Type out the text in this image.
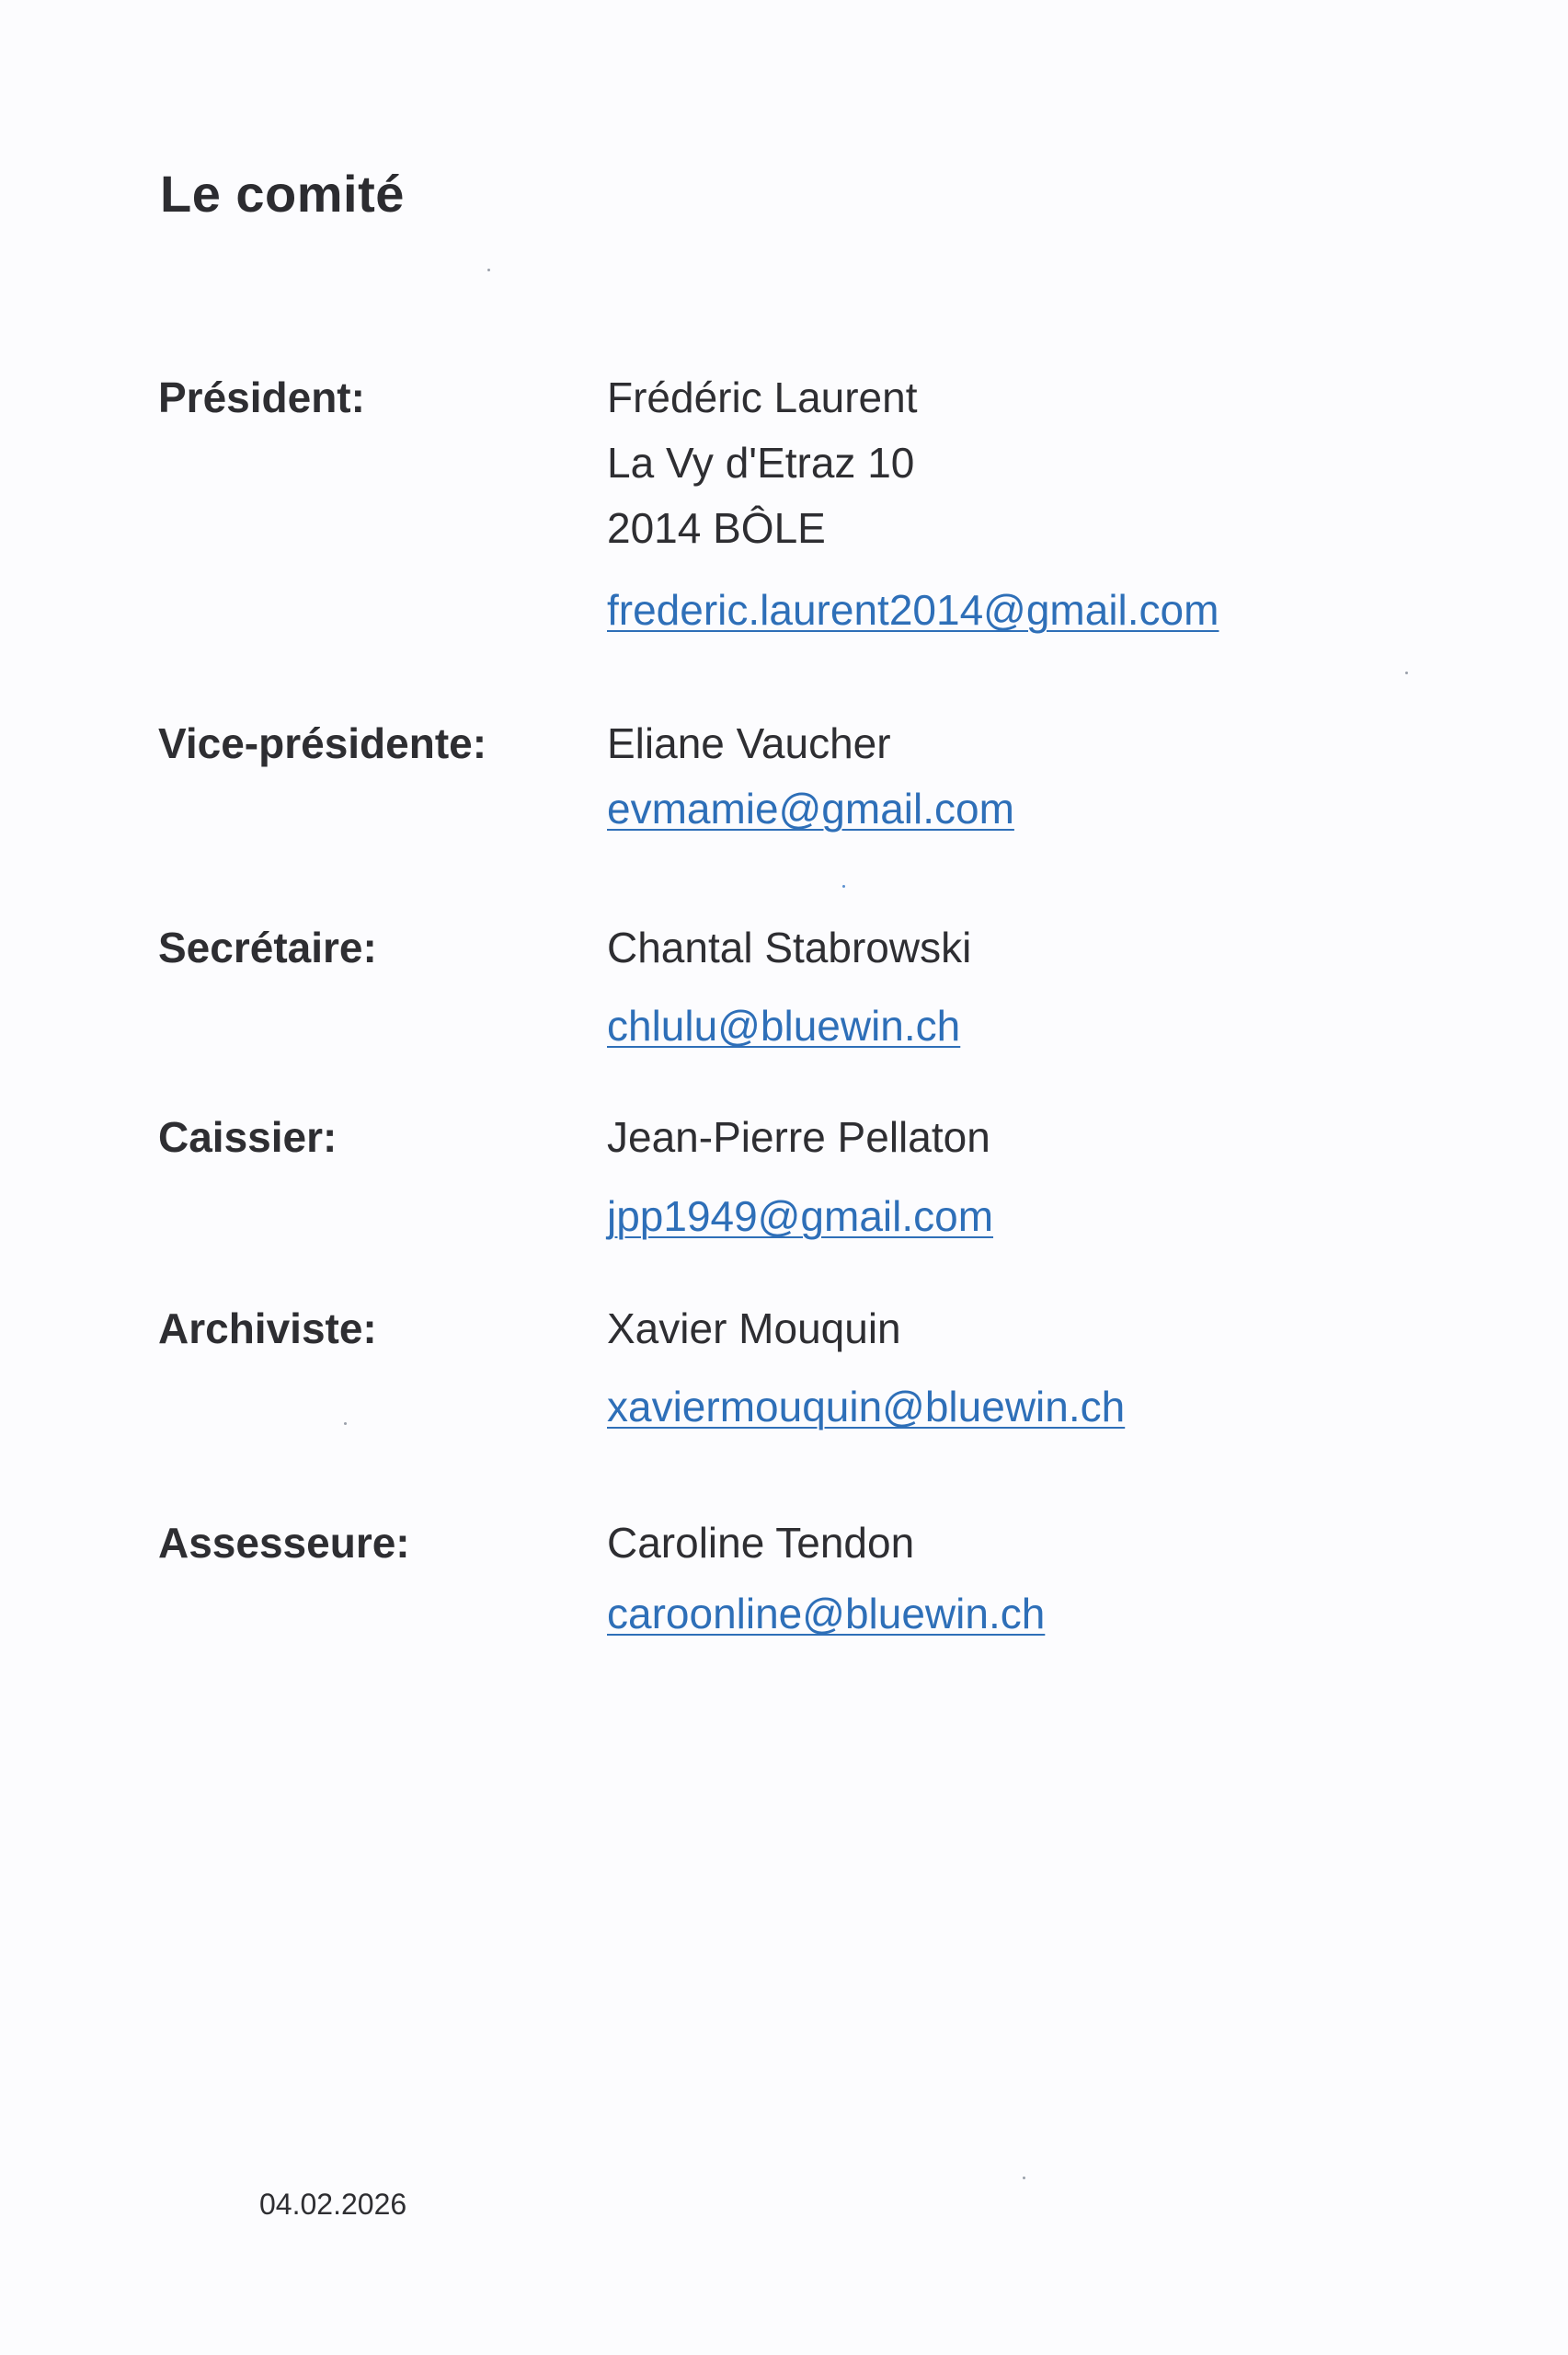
Le comité
Président:	Frédéric Laurent
La Vy d'Etraz 10
2014 BÔLE
frederic.laurent2014@gmail.com
Vice-présidente:	Eliane Vaucher
evmamie@gmail.com
Secrétaire:	Chantal Stabrowski
chlulu@bluewin.ch
Caissier:	Jean-Pierre Pellaton
jpp1949@gmail.com
Archiviste:	Xavier Mouquin
xaviermouquin@bluewin.ch
Assesseure:	Caroline Tendon
caroonline@bluewin.ch
04.02.2026
